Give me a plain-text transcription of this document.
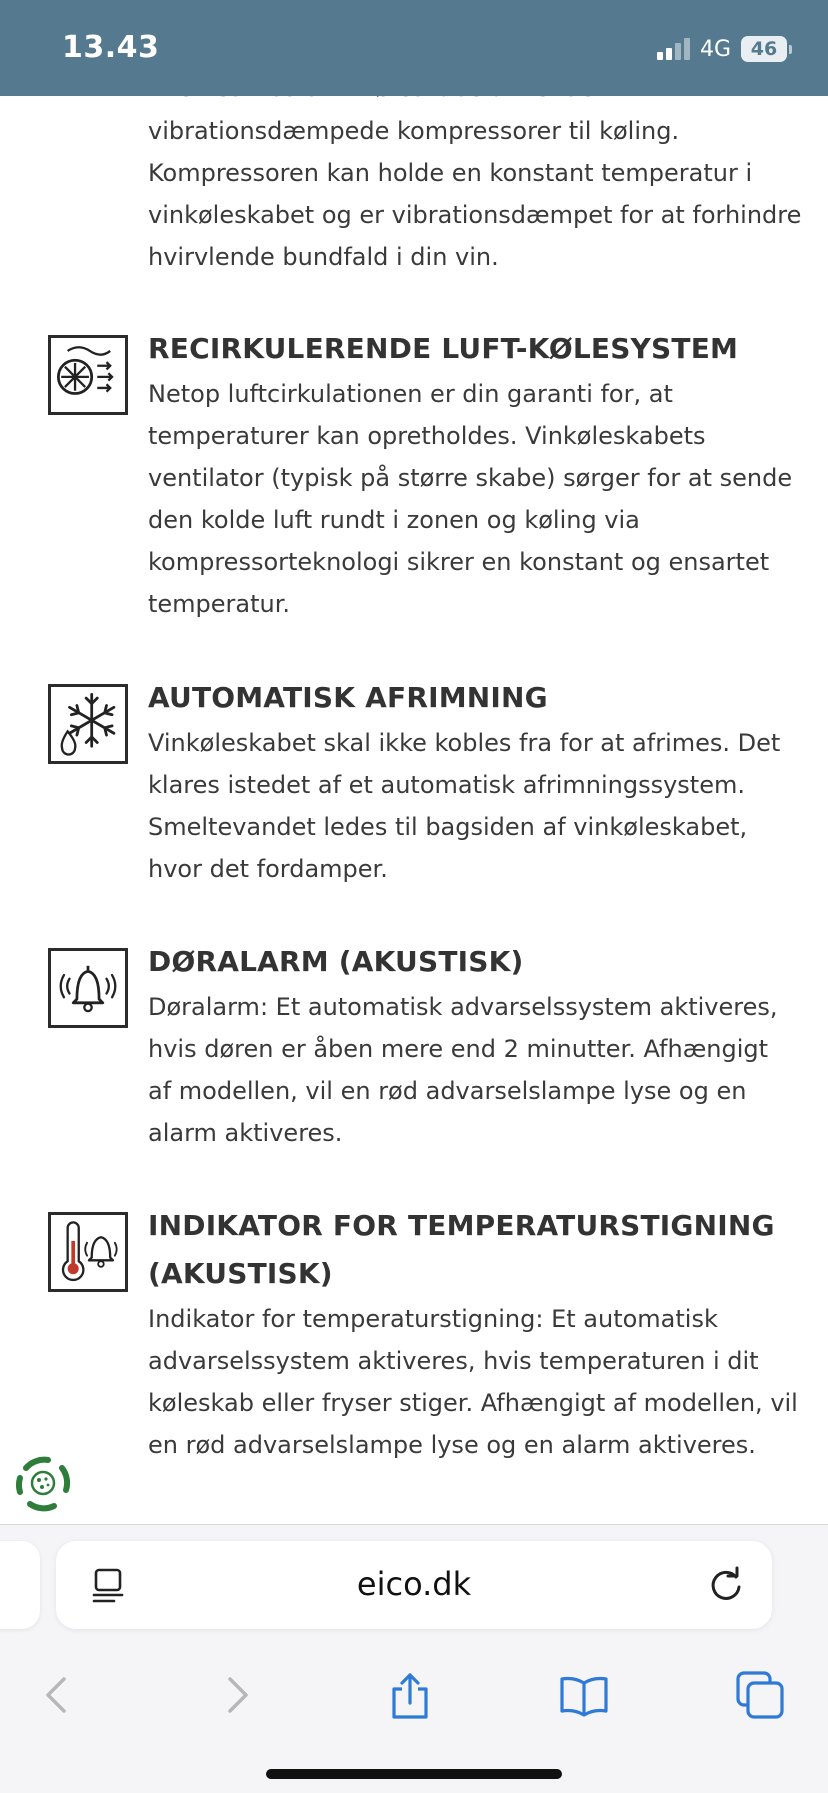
13.43	4G	46

vibrationsdæmpede kompressorer til køling. Kompressoren kan holde en konstant temperatur i vinkøleskabet og er vibrationsdæmpet for at forhindre hvirvlende bundfald i din vin.

RECIRKULERENDE LUFT-KØLESYSTEM

Netop luftcirkulationen er din garanti for, at temperaturer kan opretholdes. Vinkøleskabets ventilator (typisk på større skabe) sørger for at sende den kolde luft rundt i zonen og køling via kompressorteknologi sikrer en konstant og ensartet temperatur.

AUTOMATISK AFRIMNING

Vinkøleskabet skal ikke kobles fra for at afrimes. Det klares istedet af et automatisk afrimningssystem. Smeltevandet ledes til bagsiden af vinkøleskabet, hvor det fordamper.

DØRALARM (AKUSTISK)

Døralarm: Et automatisk advarselssystem aktiveres, hvis døren er åben mere end 2 minutter. Afhængigt af modellen, vil en rød advarselslampe lyse og en alarm aktiveres.

INDIKATOR FOR TEMPERATURSTIGNING (AKUSTISK)

Indikator for temperaturstigning: Et automatisk advarselssystem aktiveres, hvis temperaturen i dit køleskab eller fryser stiger. Afhængigt af modellen, vil en rød advarselslampe lyse og en alarm aktiveres.

eico.dk
